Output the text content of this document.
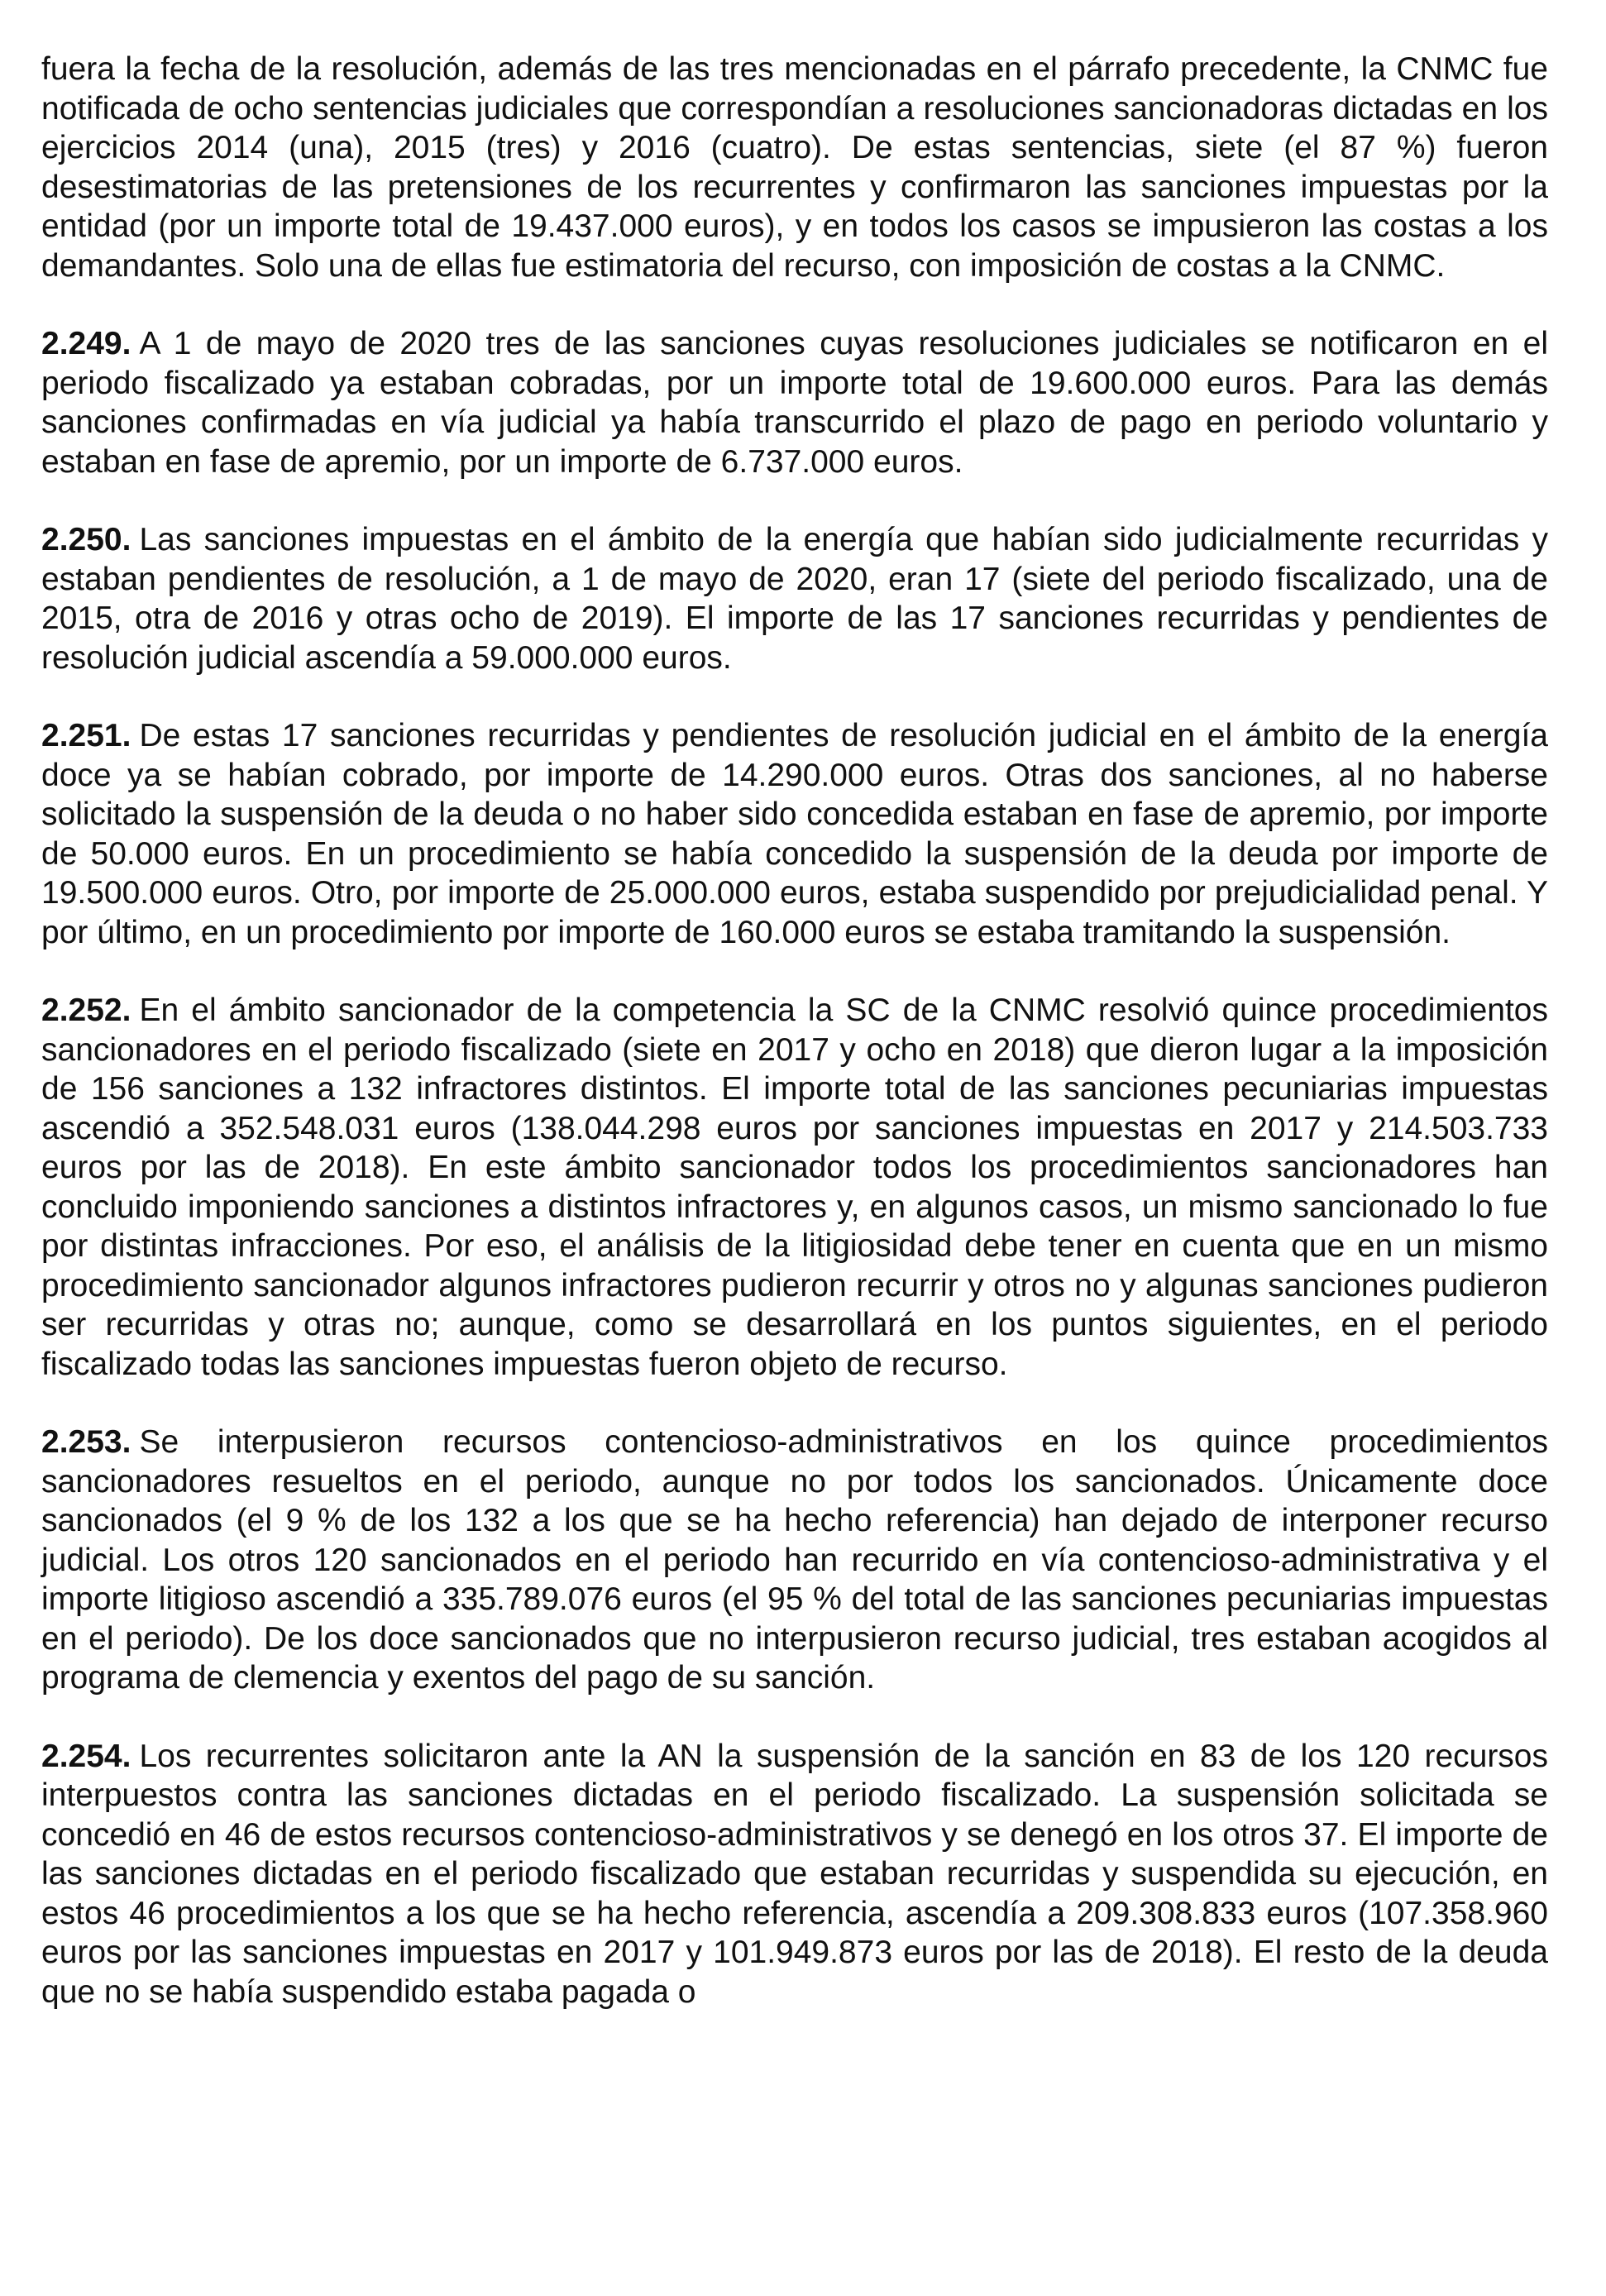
fuera la fecha de la resolución, además de las tres mencionadas en el párrafo precedente, la CNMC fue notificada de ocho sentencias judiciales que correspondían a resoluciones sancionadoras dictadas en los ejercicios 2014 (una), 2015 (tres) y 2016 (cuatro). De estas sentencias, siete (el 87 %) fueron desestimatorias de las pretensiones de los recurrentes y confirmaron las sanciones impuestas por la entidad (por un importe total de 19.437.000 euros), y en todos los casos se impusieron las costas a los demandantes. Solo una de ellas fue estimatoria del recurso, con imposición de costas a la CNMC.

2.249. A 1 de mayo de 2020 tres de las sanciones cuyas resoluciones judiciales se notificaron en el periodo fiscalizado ya estaban cobradas, por un importe total de 19.600.000 euros. Para las demás sanciones confirmadas en vía judicial ya había transcurrido el plazo de pago en periodo voluntario y estaban en fase de apremio, por un importe de 6.737.000 euros.

2.250. Las sanciones impuestas en el ámbito de la energía que habían sido judicialmente recurridas y estaban pendientes de resolución, a 1 de mayo de 2020, eran 17 (siete del periodo fiscalizado, una de 2015, otra de 2016 y otras ocho de 2019). El importe de las 17 sanciones recurridas y pendientes de resolución judicial ascendía a 59.000.000 euros.

2.251. De estas 17 sanciones recurridas y pendientes de resolución judicial en el ámbito de la energía doce ya se habían cobrado, por importe de 14.290.000 euros. Otras dos sanciones, al no haberse solicitado la suspensión de la deuda o no haber sido concedida estaban en fase de apremio, por importe de 50.000 euros. En un procedimiento se había concedido la suspensión de la deuda por importe de 19.500.000 euros. Otro, por importe de 25.000.000 euros, estaba suspendido por prejudicialidad penal. Y por último, en un procedimiento por importe de 160.000 euros se estaba tramitando la suspensión.

2.252. En el ámbito sancionador de la competencia la SC de la CNMC resolvió quince procedimientos sancionadores en el periodo fiscalizado (siete en 2017 y ocho en 2018) que dieron lugar a la imposición de 156 sanciones a 132 infractores distintos. El importe total de las sanciones pecuniarias impuestas ascendió a 352.548.031 euros (138.044.298 euros por sanciones impuestas en 2017 y 214.503.733 euros por las de 2018). En este ámbito sancionador todos los procedimientos sancionadores han concluido imponiendo sanciones a distintos infractores y, en algunos casos, un mismo sancionado lo fue por distintas infracciones. Por eso, el análisis de la litigiosidad debe tener en cuenta que en un mismo procedimiento sancionador algunos infractores pudieron recurrir y otros no y algunas sanciones pudieron ser recurridas y otras no; aunque, como se desarrollará en los puntos siguientes, en el periodo fiscalizado todas las sanciones impuestas fueron objeto de recurso.

2.253. Se interpusieron recursos contencioso-administrativos en los quince procedimientos sancionadores resueltos en el periodo, aunque no por todos los sancionados. Únicamente doce sancionados (el 9 % de los 132 a los que se ha hecho referencia) han dejado de interponer recurso judicial. Los otros 120 sancionados en el periodo han recurrido en vía contencioso-administrativa y el importe litigioso ascendió a 335.789.076 euros (el 95 % del total de las sanciones pecuniarias impuestas en el periodo). De los doce sancionados que no interpusieron recurso judicial, tres estaban acogidos al programa de clemencia y exentos del pago de su sanción.

2.254. Los recurrentes solicitaron ante la AN la suspensión de la sanción en 83 de los 120 recursos interpuestos contra las sanciones dictadas en el periodo fiscalizado. La suspensión solicitada se concedió en 46 de estos recursos contencioso-administrativos y se denegó en los otros 37. El importe de las sanciones dictadas en el periodo fiscalizado que estaban recurridas y suspendida su ejecución, en estos 46 procedimientos a los que se ha hecho referencia, ascendía a 209.308.833 euros (107.358.960 euros por las sanciones impuestas en 2017 y 101.949.873 euros por las de 2018). El resto de la deuda que no se había suspendido estaba pagada o
